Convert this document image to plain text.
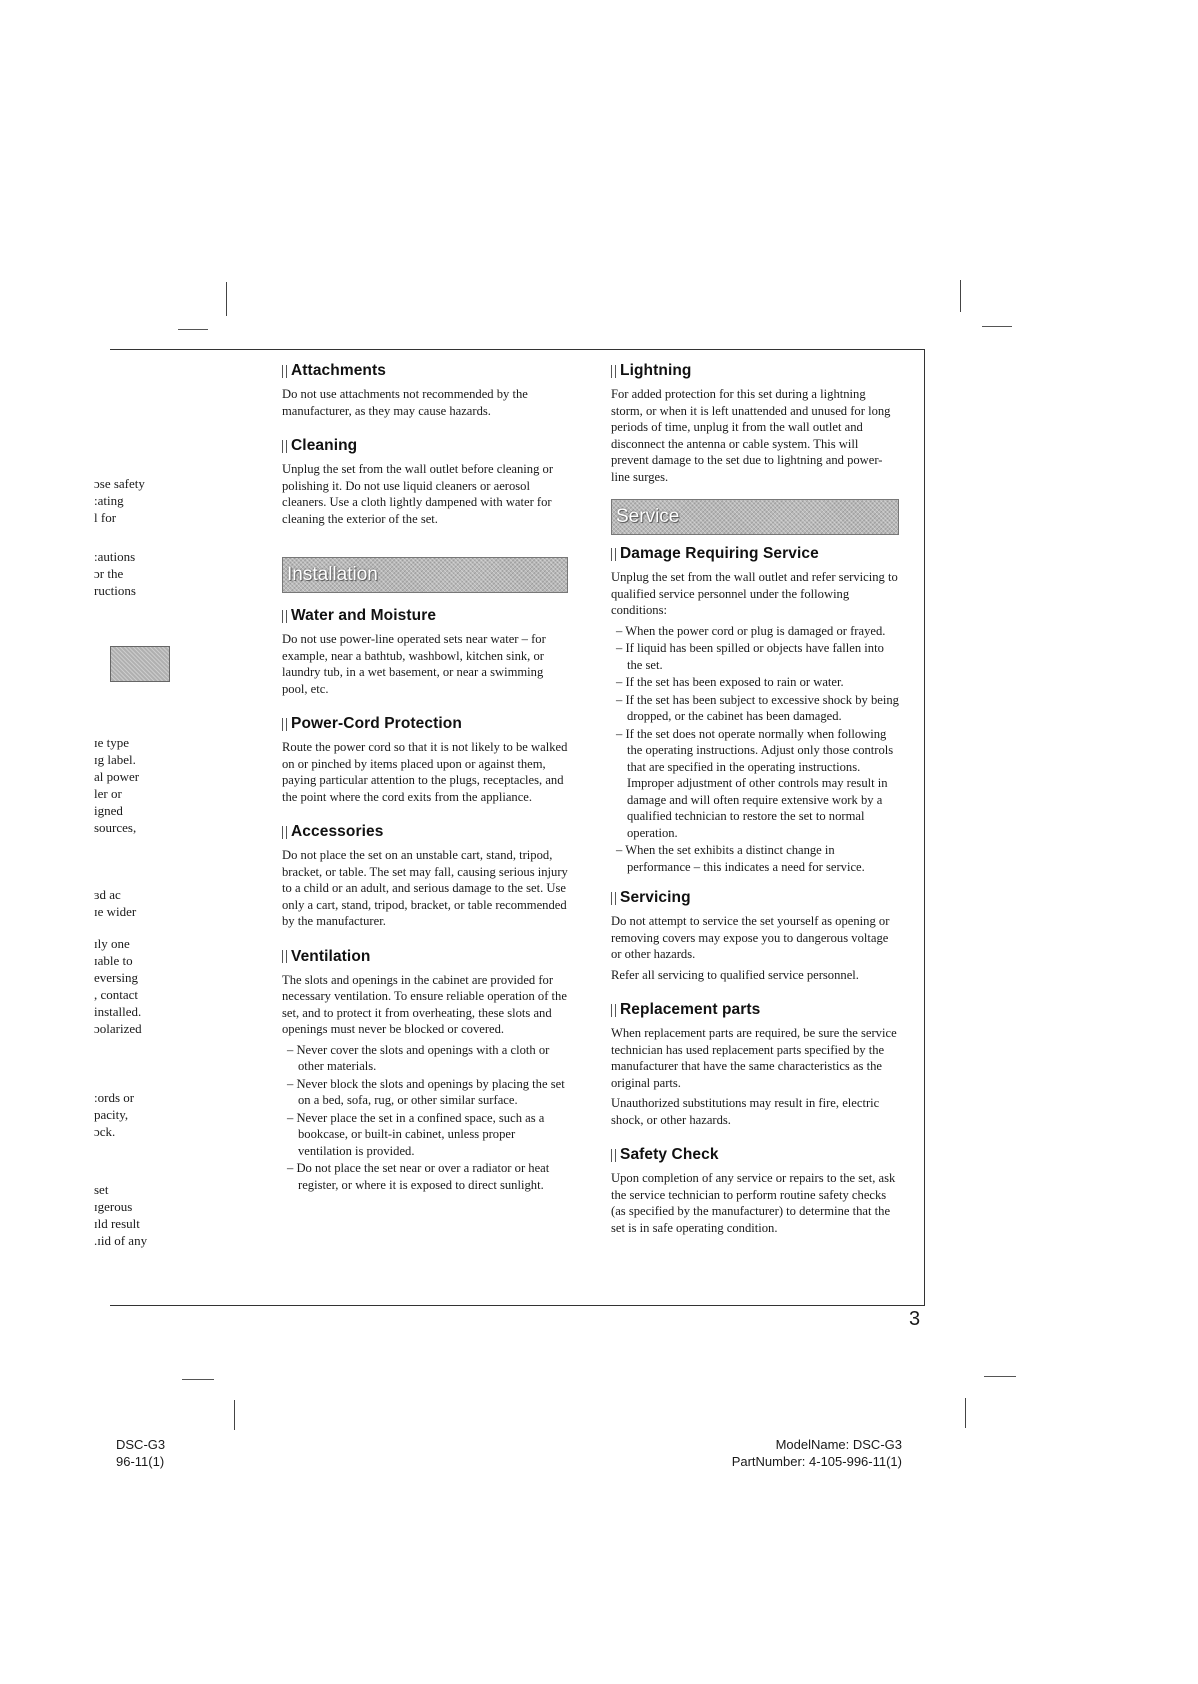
ɔse safety
:ating
l for
:autions
ɔr the
ructions
ɪe type
ɪg label.
al power
ler or
igned
sources,
ɜd ac
ɪe wider
ɪly one
ɪable to
eversing
, contact
installed.
ɔolarized
:ords or
pacity,
ɔck.
set
ɪgerous
ɪld result
.ɪid of any
Attachments

Do not use attachments not recommended by the manufacturer, as they may cause hazards.

Cleaning

Unplug the set from the wall outlet before cleaning or polishing it. Do not use liquid cleaners or aerosol cleaners. Use a cloth lightly dampened with water for cleaning the exterior of the set.

Installation
Water and Moisture

Do not use power-line operated sets near water – for example, near a bathtub, washbowl, kitchen sink, or laundry tub, in a wet basement, or near a swimming pool, etc.

Power-Cord Protection

Route the power cord so that it is not likely to be walked on or pinched by items placed upon or against them, paying particular attention to the plugs, receptacles, and the point where the cord exits from the appliance.

Accessories

Do not place the set on an unstable cart, stand, tripod, bracket, or table. The set may fall, causing serious injury to a child or an adult, and serious damage to the set. Use only a cart, stand, tripod, bracket, or table recommended by the manufacturer.

Ventilation

The slots and openings in the cabinet are provided for necessary ventilation. To ensure reliable operation of the set, and to protect it from overheating, these slots and openings must never be blocked or covered.

– Never cover the slots and openings with a cloth or other materials.
– Never block the slots and openings by placing the set on a bed, sofa, rug, or other similar surface.
– Never place the set in a confined space, such as a bookcase, or built-in cabinet, unless proper ventilation is provided.
– Do not place the set near or over a radiator or heat register, or where it is exposed to direct sunlight.
Lightning

For added protection for this set during a lightning storm, or when it is left unattended and unused for long periods of time, unplug it from the wall outlet and disconnect the antenna or cable system. This will prevent damage to the set due to lightning and power-line surges.

Service
Damage Requiring Service

Unplug the set from the wall outlet and refer servicing to qualified service personnel under the following conditions:

– When the power cord or plug is damaged or frayed.
– If liquid has been spilled or objects have fallen into the set.
– If the set has been exposed to rain or water.
– If the set has been subject to excessive shock by being dropped, or the cabinet has been damaged.
– If the set does not operate normally when following the operating instructions. Adjust only those controls that are specified in the operating instructions. Improper adjustment of other controls may result in damage and will often require extensive work by a qualified technician to restore the set to normal operation.
– When the set exhibits a distinct change in performance – this indicates a need for service.
Servicing

Do not attempt to service the set yourself as opening or removing covers may expose you to dangerous voltage or other hazards.

Refer all servicing to qualified service personnel.

Replacement parts

When replacement parts are required, be sure the service technician has used replacement parts specified by the manufacturer that have the same characteristics as the original parts.

Unauthorized substitutions may result in fire, electric shock, or other hazards.

Safety Check

Upon completion of any service or repairs to the set, ask the service technician to perform routine safety checks (as specified by the manufacturer) to determine that the set is in safe operating condition.

3
DSC-G3
96-11(1)
ModelName: DSC-G3
PartNumber: 4-105-996-11(1)
